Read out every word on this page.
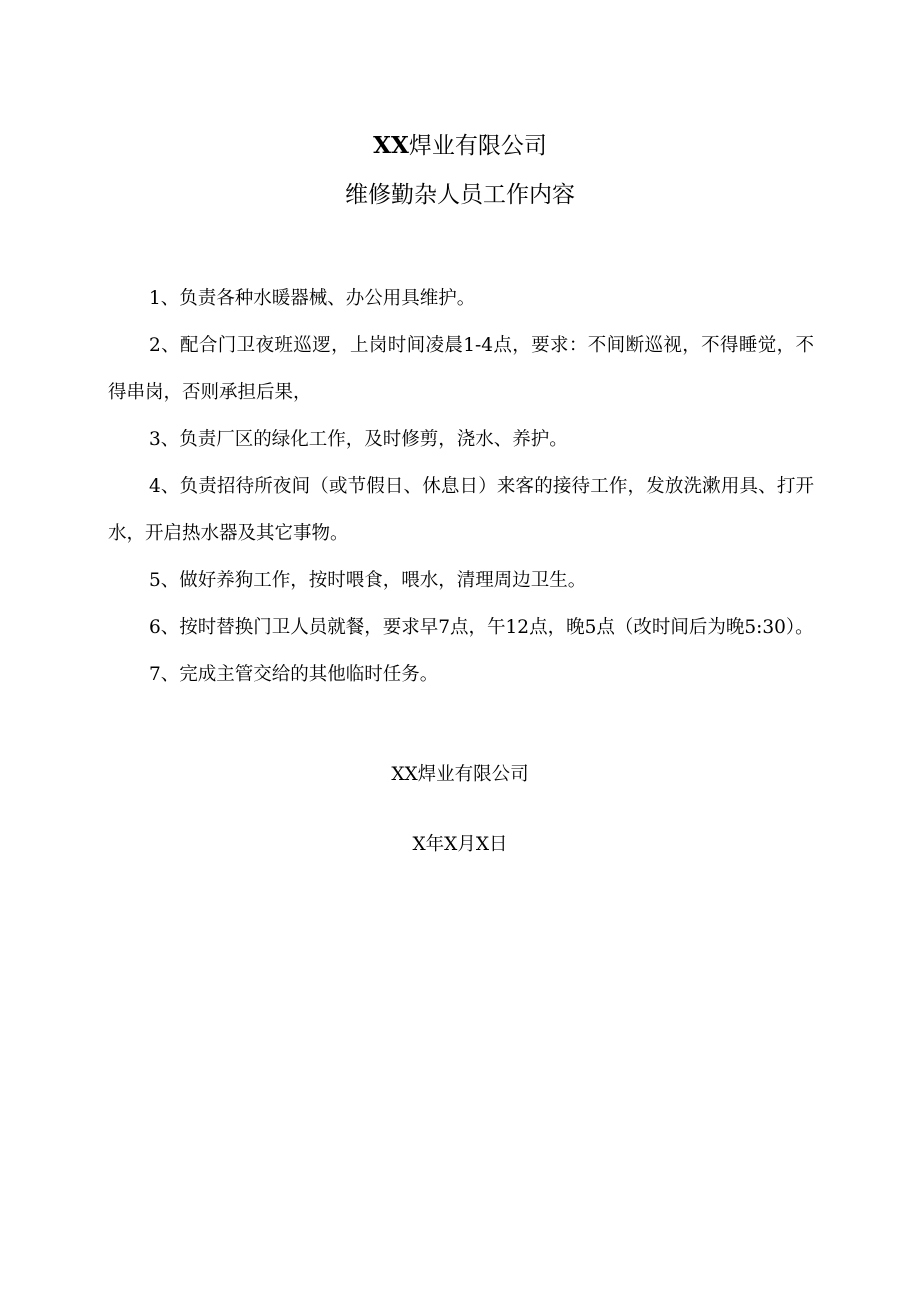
XX焊业有限公司
维修勤杂人员工作内容

1、负责各种水暖器械、办公用具维护。

2、配合门卫夜班巡逻，上岗时间凌晨1-4点，要求：不间断巡视，不得睡觉，不得串岗，否则承担后果，

3、负责厂区的绿化工作，及时修剪，浇水、养护。

4、负责招待所夜间（或节假日、休息日）来客的接待工作，发放洗漱用具、打开水，开启热水器及其它事物。

5、做好养狗工作，按时喂食，喂水，清理周边卫生。

6、按时替换门卫人员就餐，要求早7点，午12点，晚5点（改时间后为晚5:30）。

7、完成主管交给的其他临时任务。

XX焊业有限公司
X年X月X日
